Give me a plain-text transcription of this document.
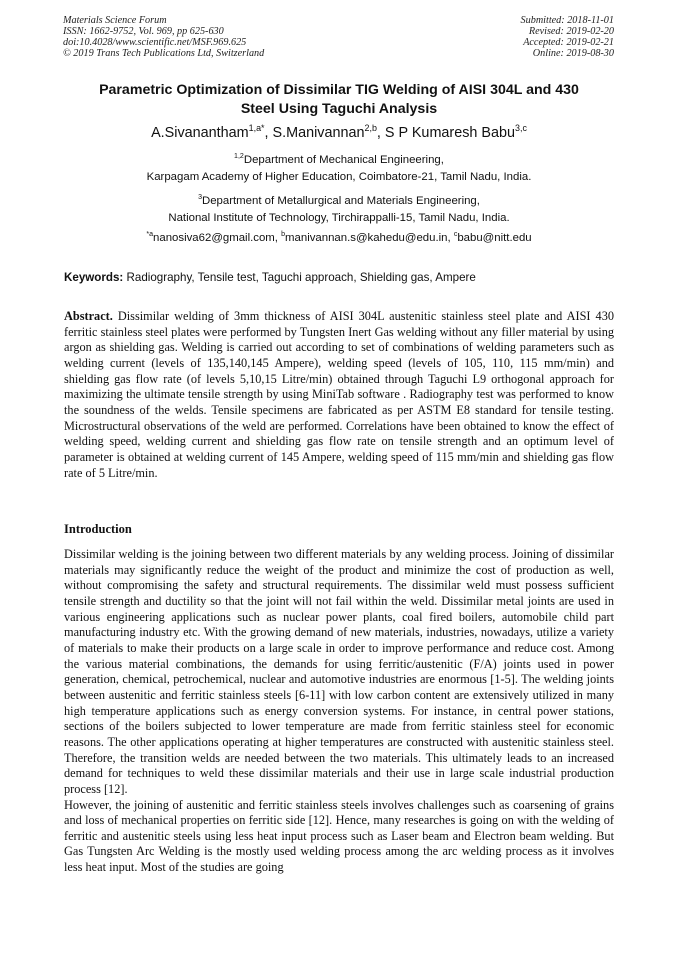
Materials Science Forum
ISSN: 1662-9752, Vol. 969, pp 625-630
doi:10.4028/www.scientific.net/MSF.969.625
© 2019 Trans Tech Publications Ltd, Switzerland
Submitted: 2018-11-01
Revised: 2019-02-20
Accepted: 2019-02-21
Online: 2019-08-30
Parametric Optimization of Dissimilar TIG Welding of AISI 304L and 430
Steel Using Taguchi Analysis
A.Sivanantham$^{1,a*}$, S.Manivannan$^{2,b}$, S P Kumaresh Babu$^{3,c}$
$^{1,2}$Department of Mechanical Engineering,
Karpagam Academy of Higher Education, Coimbatore-21, Tamil Nadu, India.
$^3$Department of Metallurgical and Materials Engineering,
National Institute of Technology, Tirchirappalli-15, Tamil Nadu, India.
$^{*a}$nanosiva62@gmail.com, $^b$manivannan.s@kahedu@edu.in, $^c$babu@nitt.edu
Keywords: Radiography, Tensile test, Taguchi approach, Shielding gas, Ampere
Abstract. Dissimilar welding of 3mm thickness of AISI 304L austenitic stainless steel plate and AISI 430 ferritic stainless steel plates were performed by Tungsten Inert Gas welding without any filler material by using argon as shielding gas. Welding is carried out according to set of combinations of welding parameters such as welding current (levels of 135,140,145 Ampere), welding speed (levels of 105, 110, 115 mm/min) and shielding gas flow rate (of levels 5,10,15 Litre/min) obtained through Taguchi L9 orthogonal approach for maximizing the ultimate tensile strength by using MiniTab software . Radiography test was performed to know the soundness of the welds. Tensile specimens are fabricated as per ASTM E8 standard for tensile testing. Microstructural observations of the weld are performed. Correlations have been obtained to know the effect of welding speed, welding current and shielding gas flow rate on tensile strength and an optimum level of parameter is obtained at welding current of 145 Ampere, welding speed of 115 mm/min and shielding gas flow rate of 5 Litre/min.
Introduction

Dissimilar welding is the joining between two different materials by any welding process. Joining of dissimilar materials may significantly reduce the weight of the product and minimize the cost of production as well, without compromising the safety and structural requirements. The dissimilar weld must possess sufficient tensile strength and ductility so that the joint will not fail within the weld. Dissimilar metal joints are used in various engineering applications such as nuclear power plants, coal fired boilers, automobile child part manufacturing industry etc. With the growing demand of new materials, industries, nowadays, utilize a variety of materials to make their products on a large scale in order to improve performance and reduce cost. Among the various material combinations, the demands for using ferritic/austenitic (F/A) joints used in power generation, chemical, petrochemical, nuclear and automotive industries are enormous [1-5]. The welding joints between austenitic and ferritic stainless steels [6-11] with low carbon content are extensively utilized in many high temperature applications such as energy conversion systems. For instance, in central power stations, sections of the boilers subjected to lower temperature are made from ferritic stainless steel for economic reasons. The other applications operating at higher temperatures are constructed with austenitic stainless steel. Therefore, the transition welds are needed between the two materials. This ultimately leads to an increased demand for techniques to weld these dissimilar materials and their use in large scale industrial production process [12].

However, the joining of austenitic and ferritic stainless steels involves challenges such as coarsening of grains and loss of mechanical properties on ferritic side [12]. Hence, many researches is going on with the welding of ferritic and austenitic steels using less heat input process such as Laser beam and Electron beam welding. But Gas Tungsten Arc Welding is the mostly used welding process among the arc welding process as it involves less heat input. Most of the studies are going
